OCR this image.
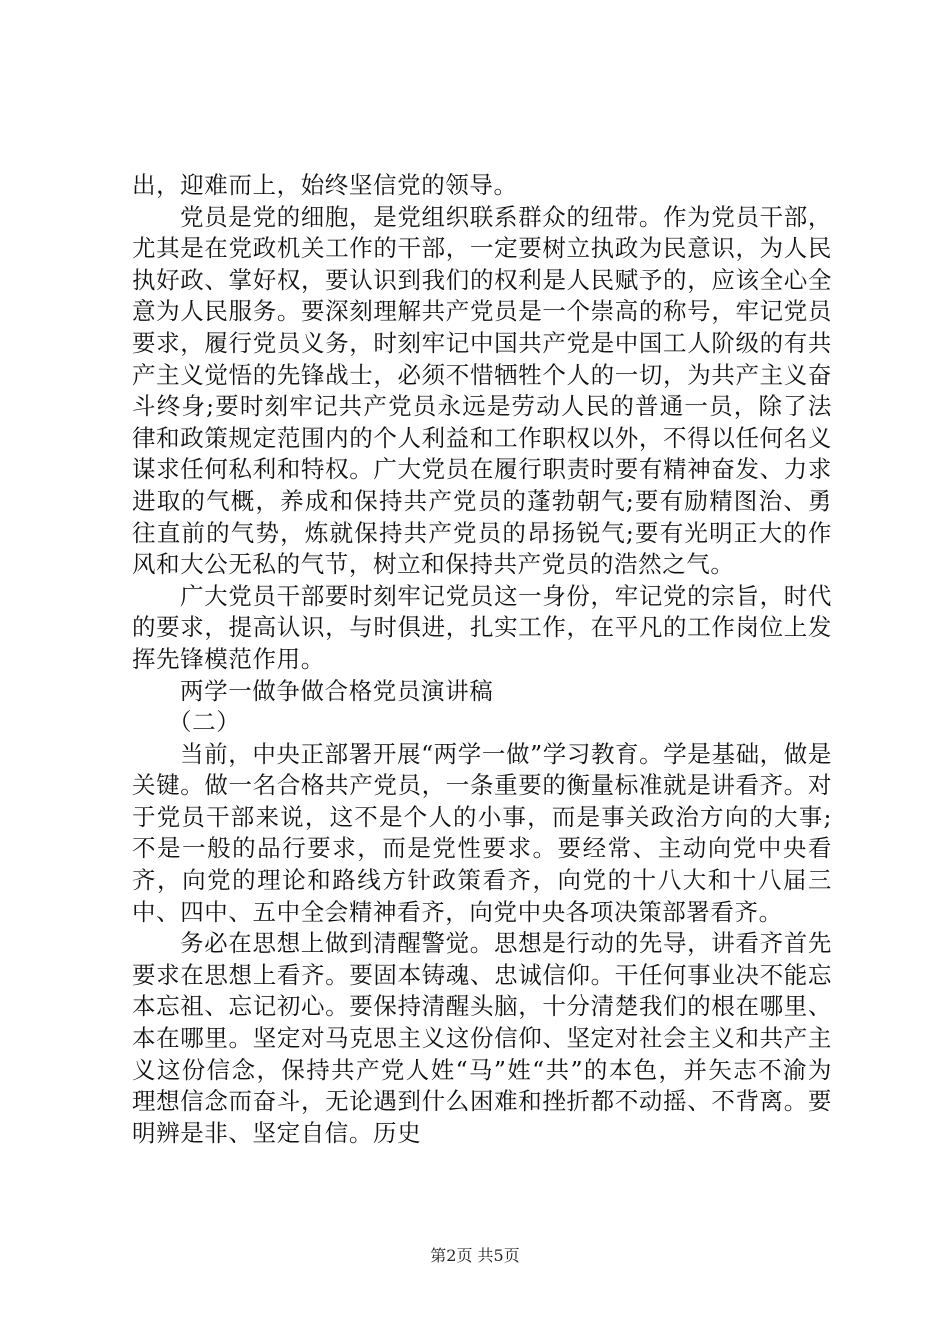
出，迎难而上，始终坚信党的领导。

党员是党的细胞，是党组织联系群众的纽带。作为党员干部，尤其是在党政机关工作的干部，一定要树立执政为民意识，为人民执好政、掌好权，要认识到我们的权利是人民赋予的，应该全心全意为人民服务。要深刻理解共产党员是一个崇高的称号，牢记党员要求，履行党员义务，时刻牢记中国共产党是中国工人阶级的有共产主义觉悟的先锋战士，必须不惜牺牲个人的一切，为共产主义奋斗终身;要时刻牢记共产党员永远是劳动人民的普通一员，除了法律和政策规定范围内的个人利益和工作职权以外，不得以任何名义谋求任何私利和特权。广大党员在履行职责时要有精神奋发、力求进取的气概，养成和保持共产党员的蓬勃朝气;要有励精图治、勇往直前的气势，炼就保持共产党员的昂扬锐气;要有光明正大的作风和大公无私的气节，树立和保持共产党员的浩然之气。

广大党员干部要时刻牢记党员这一身份，牢记党的宗旨，时代的要求，提高认识，与时俱进，扎实工作，在平凡的工作岗位上发挥先锋模范作用。

两学一做争做合格党员演讲稿

（二）

当前，中央正部署开展“两学一做”学习教育。学是基础，做是关键。做一名合格共产党员，一条重要的衡量标准就是讲看齐。对于党员干部来说，这不是个人的小事，而是事关政治方向的大事;不是一般的品行要求，而是党性要求。要经常、主动向党中央看齐，向党的理论和路线方针政策看齐，向党的十八大和十八届三中、四中、五中全会精神看齐，向党中央各项决策部署看齐。

务必在思想上做到清醒警觉。思想是行动的先导，讲看齐首先要求在思想上看齐。要固本铸魂、忠诚信仰。干任何事业决不能忘本忘祖、忘记初心。要保持清醒头脑，十分清楚我们的根在哪里、本在哪里。坚定对马克思主义这份信仰、坚定对社会主义和共产主义这份信念，保持共产党人姓“马”姓“共”的本色，并矢志不渝为理想信念而奋斗，无论遇到什么困难和挫折都不动摇、不背离。要明辨是非、坚定自信。历史

第2页 共5页
